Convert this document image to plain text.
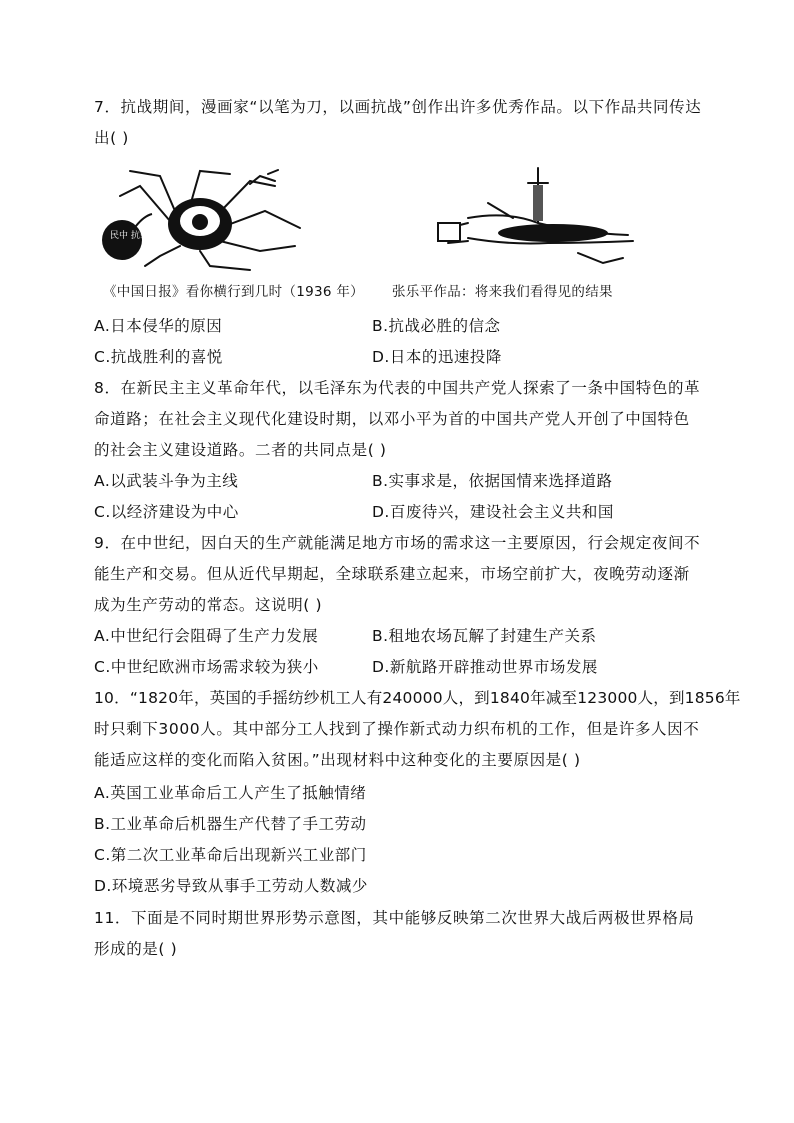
7．抗战期间，漫画家“以笔为刀，以画抗战”创作出许多优秀作品。以下作品共同传达
出( )
民中 抗華
《中国日报》看你横行到几时（1936 年） 张乐平作品：将来我们看得见的结果
A.日本侵华的原因	B.抗战必胜的信念
C.抗战胜利的喜悦	D.日本的迅速投降
8．在新民主主义革命年代，以毛泽东为代表的中国共产党人探索了一条中国特色的革
命道路；在社会主义现代化建设时期，以邓小平为首的中国共产党人开创了中国特色
的社会主义建设道路。二者的共同点是( )
A.以武装斗争为主线	B.实事求是，依据国情来选择道路
C.以经济建设为中心	D.百废待兴，建设社会主义共和国
9．在中世纪，因白天的生产就能满足地方市场的需求这一主要原因，行会规定夜间不
能生产和交易。但从近代早期起，全球联系建立起来，市场空前扩大，夜晚劳动逐渐
成为生产劳动的常态。这说明( )
A.中世纪行会阻碍了生产力发展	B.租地农场瓦解了封建生产关系
C.中世纪欧洲市场需求较为狭小	D.新航路开辟推动世界市场发展
10．“1820年，英国的手摇纺纱机工人有240000人，到1840年减至123000人，到1856年
时只剩下3000人。其中部分工人找到了操作新式动力织布机的工作，但是许多人因不
能适应这样的变化而陷入贫困。”出现材料中这种变化的主要原因是( )
A.英国工业革命后工人产生了抵触情绪
B.工业革命后机器生产代替了手工劳动
C.第二次工业革命后出现新兴工业部门
D.环境恶劣导致从事手工劳动人数减少
11．下面是不同时期世界形势示意图，其中能够反映第二次世界大战后两极世界格局
形成的是( )
